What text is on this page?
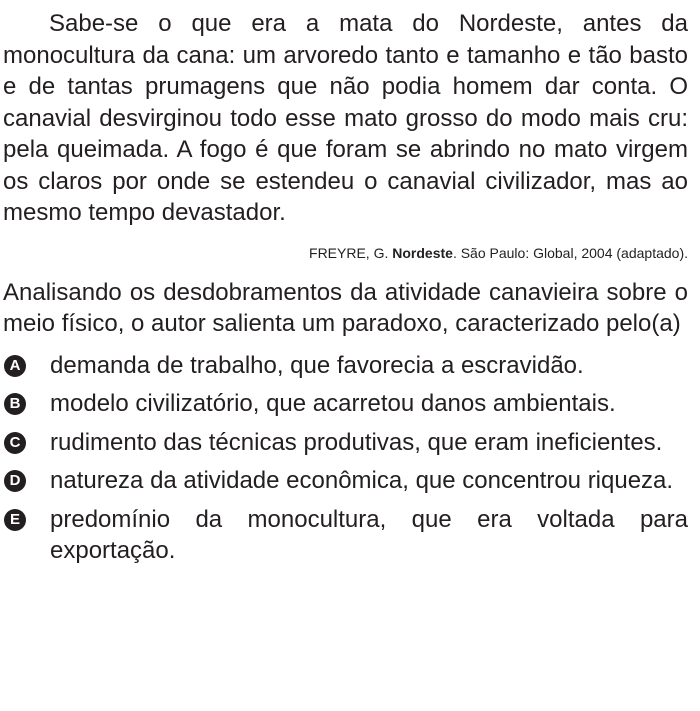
Sabe-se o que era a mata do Nordeste, antes da monocultura da cana: um arvoredo tanto e tamanho e tão basto e de tantas prumagens que não podia homem dar conta. O canavial desvirginou todo esse mato grosso do modo mais cru: pela queimada. A fogo é que foram se abrindo no mato virgem os claros por onde se estendeu o canavial civilizador, mas ao mesmo tempo devastador.

FREYRE, G. Nordeste. São Paulo: Global, 2004 (adaptado).

Analisando os desdobramentos da atividade canavieira sobre o meio físico, o autor salienta um paradoxo, caracterizado pelo(a)

A demanda de trabalho, que favorecia a escravidão.
B modelo civilizatório, que acarretou danos ambientais.
C rudimento das técnicas produtivas, que eram ineficientes.
D natureza da atividade econômica, que concentrou riqueza.
E predomínio da monocultura, que era voltada para exportação.
